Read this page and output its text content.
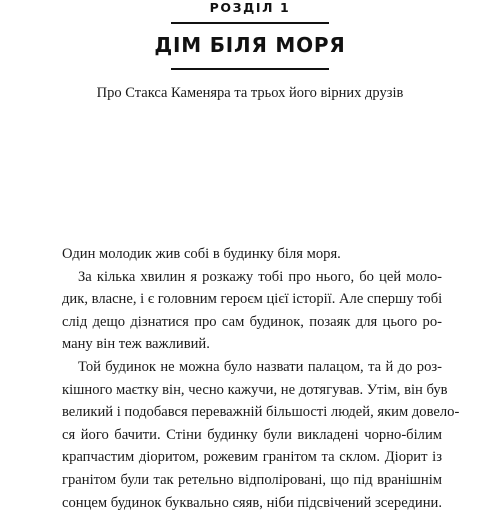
РОЗДІЛ 1
ДІМ БІЛЯ МОРЯ
Про Стакса Каменяра та трьох його вірних друзів

Один молодик жив собі в будинку біля моря.

За кілька хвилин я розкажу тобі про нього, бо цей моло-

дик, власне, і є головним героєм цієї історії. Але спершу тобі

слід дещо дізнатися про сам будинок, позаяк для цього ро-

ману він теж важливий.

Той будинок не можна було назвати палацом, та й до роз-

кішного маєтку він, чесно кажучи, не дотягував. Утім, він був

великий і подобався переважній більшості людей, яким довело-

ся його бачити. Стіни будинку були викладені чорно-білим

крапчастим діоритом, рожевим гранітом та склом. Діорит із

гранітом були так ретельно відполіровані, що під вранішнім

сонцем будинок буквально сяяв, ніби підсвічений зсередини.
